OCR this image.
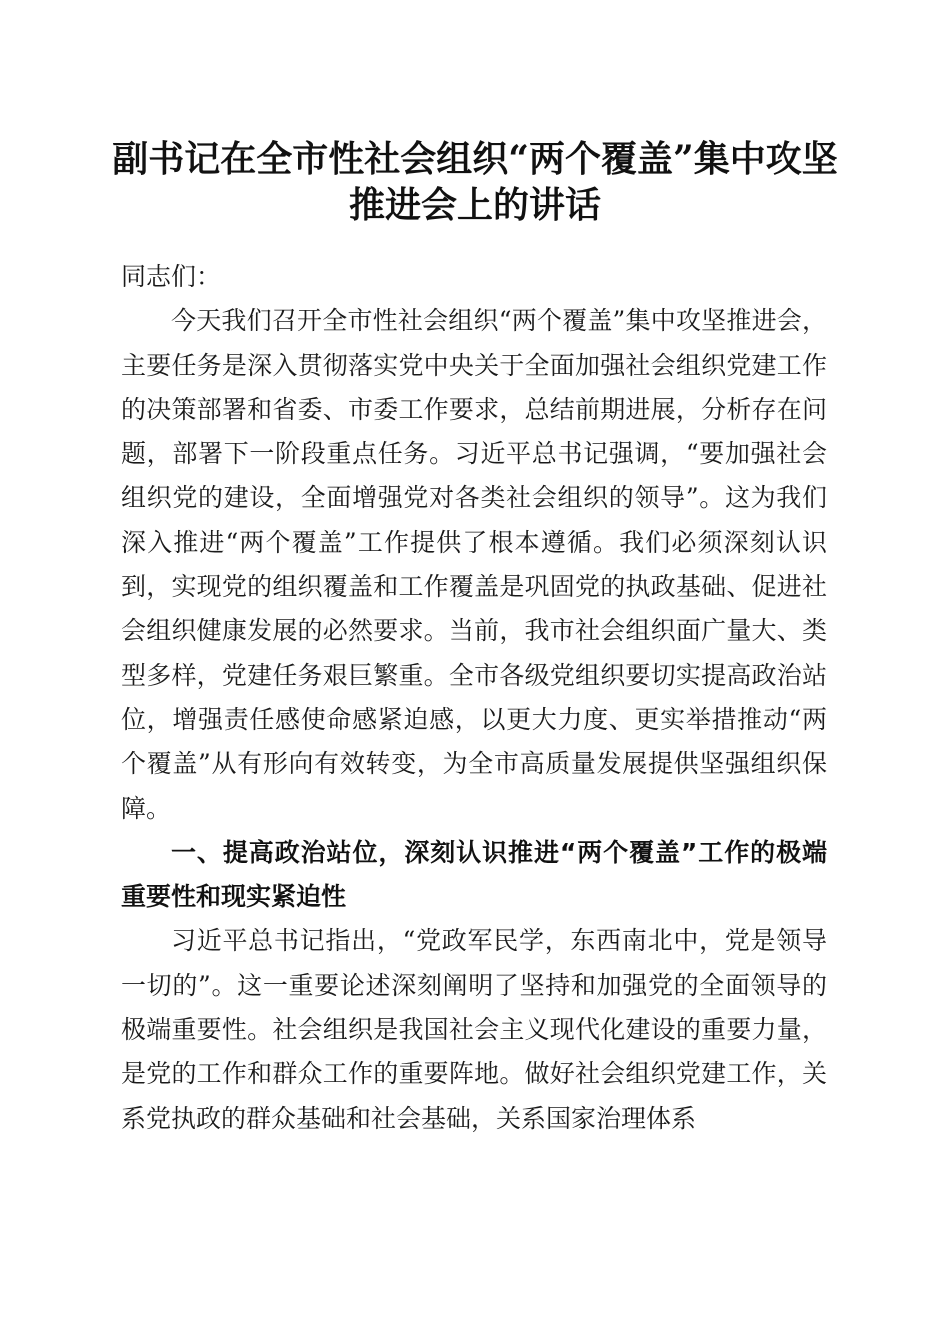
副书记在全市性社会组织“两个覆盖”集中攻坚推进会上的讲话

同志们：

今天我们召开全市性社会组织“两个覆盖”集中攻坚推进会，主要任务是深入贯彻落实党中央关于全面加强社会组织党建工作的决策部署和省委、市委工作要求，总结前期进展，分析存在问题，部署下一阶段重点任务。习近平总书记强调，“要加强社会组织党的建设，全面增强党对各类社会组织的领导”。这为我们深入推进“两个覆盖”工作提供了根本遵循。我们必须深刻认识到，实现党的组织覆盖和工作覆盖是巩固党的执政基础、促进社会组织健康发展的必然要求。当前，我市社会组织面广量大、类型多样，党建任务艰巨繁重。全市各级党组织要切实提高政治站位，增强责任感使命感紧迫感，以更大力度、更实举措推动“两个覆盖”从有形向有效转变，为全市高质量发展提供坚强组织保障。

一、提高政治站位，深刻认识推进“两个覆盖”工作的极端重要性和现实紧迫性

习近平总书记指出，“党政军民学，东西南北中，党是领导一切的”。这一重要论述深刻阐明了坚持和加强党的全面领导的极端重要性。社会组织是我国社会主义现代化建设的重要力量，是党的工作和群众工作的重要阵地。做好社会组织党建工作，关系党执政的群众基础和社会基础，关系国家治理体系
